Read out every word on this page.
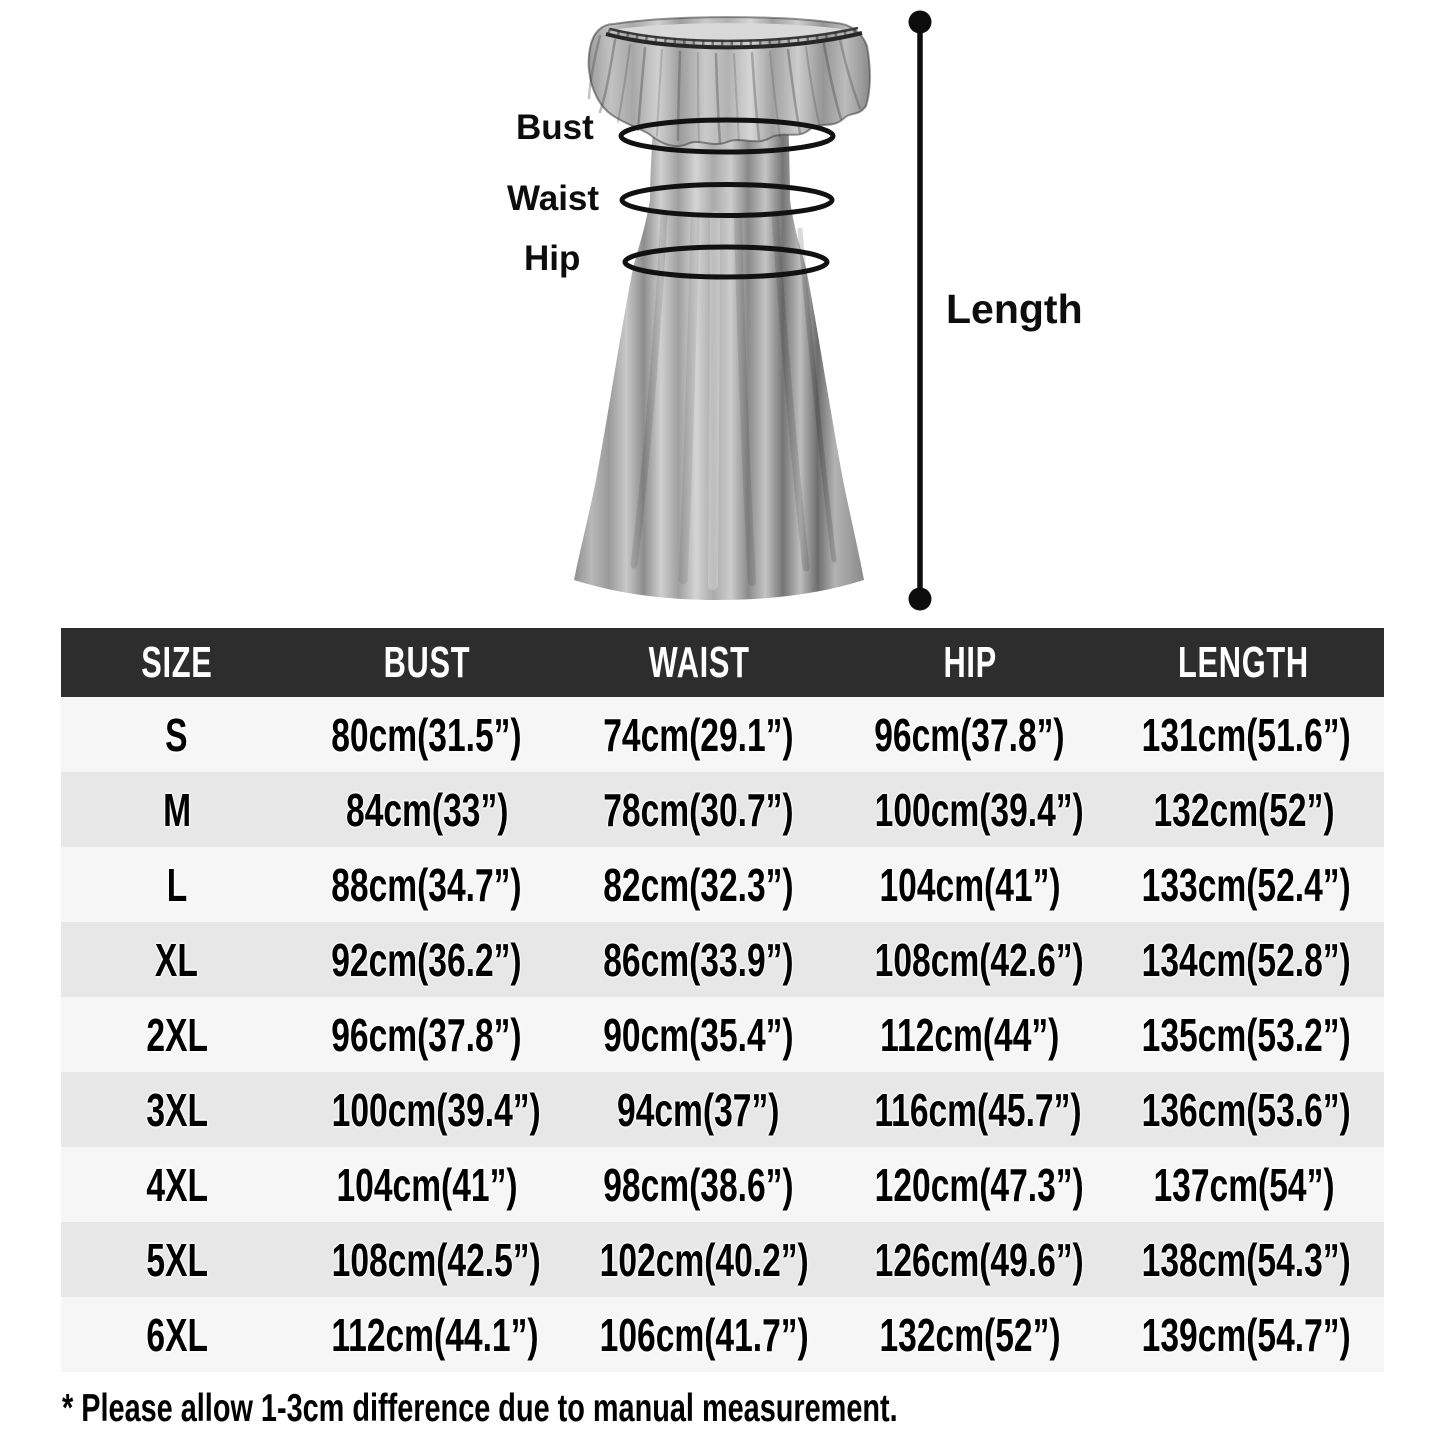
Bust
Waist
Hip
Length
SIZE	BUST	WAIST	HIP	LENGTH
S	80cm(31.5”)	74cm(29.1”)	96cm(37.8”)	131cm(51.6”)
M	84cm(33”)	78cm(30.7”)	100cm(39.4”)	132cm(52”)
L	88cm(34.7”)	82cm(32.3”)	104cm(41”)	133cm(52.4”)
XL	92cm(36.2”)	86cm(33.9”)	108cm(42.6”)	134cm(52.8”)
2XL	96cm(37.8”)	90cm(35.4”)	112cm(44”)	135cm(53.2”)
3XL	100cm(39.4”)	94cm(37”)	116cm(45.7”)	136cm(53.6”)
4XL	104cm(41”)	98cm(38.6”)	120cm(47.3”)	137cm(54”)
5XL	108cm(42.5”)	102cm(40.2”)	126cm(49.6”)	138cm(54.3”)
6XL	112cm(44.1”)	106cm(41.7”)	132cm(52”)	139cm(54.7”)
* Please allow 1-3cm difference due to manual measurement.
